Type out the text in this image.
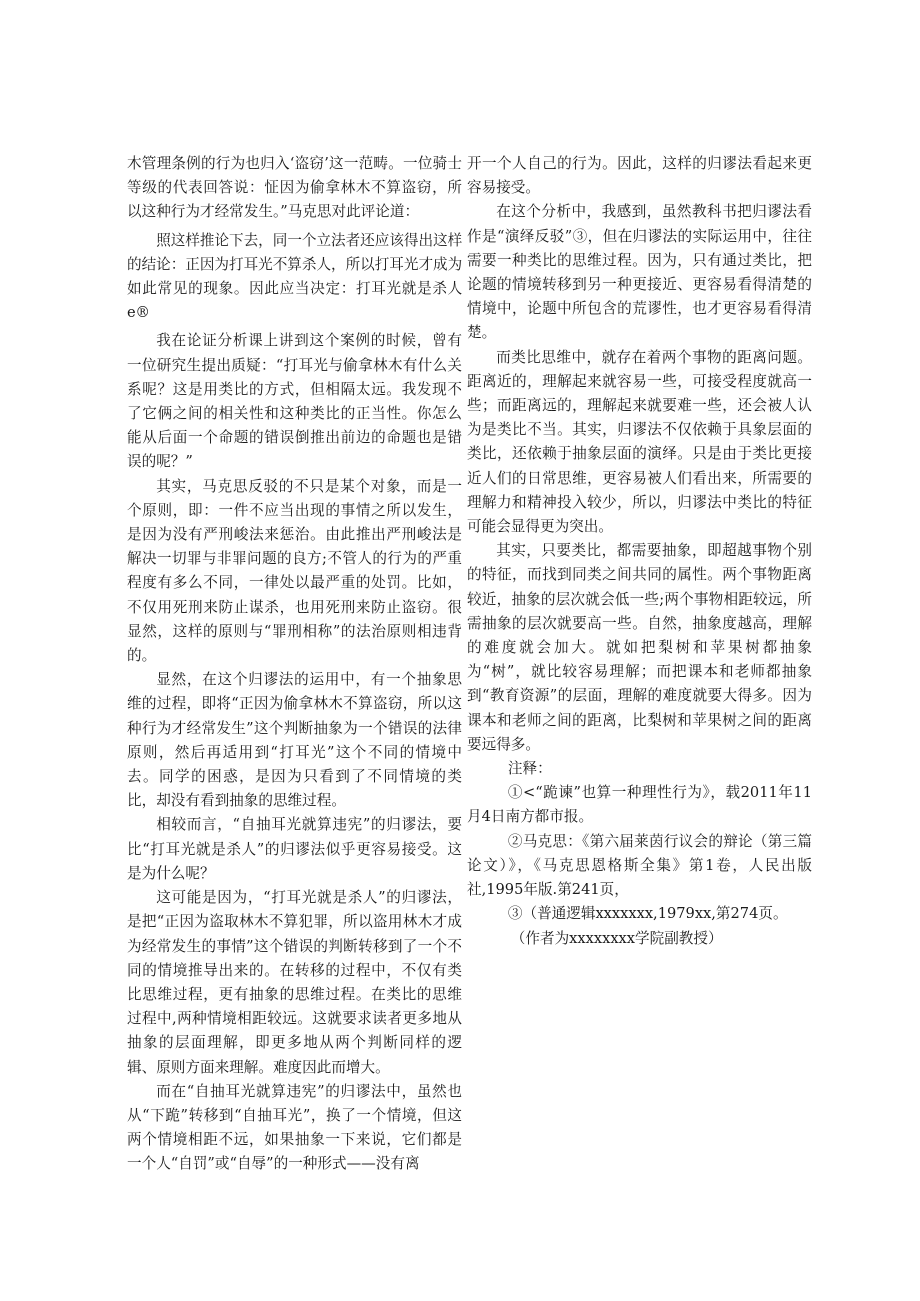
木管理条例的行为也归入‘盗窃’这一范畴。一位骑士等级的代表回答说：怔因为偷拿林木不算盗窃，所以这种行为才经常发生。”马克思对此评论道：

照这样推论下去，同一个立法者还应该得出这样的结论：正因为打耳光不算杀人，所以打耳光才成为如此常见的现象。因此应当决定：打耳光就是杀人e®

我在论证分析课上讲到这个案例的时候，曾有一位研究生提出质疑：“打耳光与偷拿林木有什么关系呢？这是用类比的方式，但相隔太远。我发现不了它俩之间的相关性和这种类比的正当性。你怎么能从后面一个命题的错误倒推出前边的命题也是错误的呢？”

其实，马克思反驳的不只是某个对象，而是一个原则，即：一件不应当出现的事情之所以发生，是因为没有严刑峻法来惩治。由此推出严刑峻法是解决一切罪与非罪问题的良方;不管人的行为的严重程度有多么不同，一律处以最严重的处罚。比如，不仅用死刑来防止谋杀，也用死刑来防止盗窃。很显然，这样的原则与“罪刑相称”的法治原则相违背的。

显然，在这个归谬法的运用中，有一个抽象思维的过程，即将“正因为偷拿林木不算盗窃，所以这种行为才经常发生”这个判断抽象为一个错误的法律原则，然后再适用到“打耳光”这个不同的情境中去。同学的困惑，是因为只看到了不同情境的类比，却没有看到抽象的思维过程。

相较而言，“自抽耳光就算违宪”的归谬法，要比“打耳光就是杀人”的归谬法似乎更容易接受。这是为什么呢？

这可能是因为，“打耳光就是杀人”的归谬法，是把“正因为盗取林木不算犯罪，所以盗用林木才成为经常发生的事情”这个错误的判断转移到了一个不同的情境推导出来的。在转移的过程中，不仅有类比思维过程，更有抽象的思维过程。在类比的思维过程中,两种情境相距较远。这就要求读者更多地从抽象的层面理解，即更多地从两个判断同样的逻辑、原则方面来理解。难度因此而增大。

而在“自抽耳光就算违宪”的归谬法中，虽然也从“下跪”转移到“自抽耳光”，换了一个情境，但这两个情境相距不远，如果抽象一下来说，它们都是一个人“自罚”或“自辱”的一种形式——没有离

开一个人自己的行为。因此，这样的归谬法看起来更容易接受。

在这个分析中，我感到，虽然教科书把归谬法看作是“演绎反驳”③，但在归谬法的实际运用中，往往需要一种类比的思维过程。因为，只有通过类比，把论题的情境转移到另一种更接近、更容易看得清楚的情境中，论题中所包含的荒谬性，也才更容易看得清楚。

而类比思维中，就存在着两个事物的距离问题。距离近的，理解起来就容易一些，可接受程度就高一些；而距离远的，理解起来就要难一些，还会被人认为是类比不当。其实，归谬法不仅依赖于具象层面的类比，还依赖于抽象层面的演绎。只是由于类比更接近人们的日常思维，更容易被人们看出来，所需要的理解力和精神投入较少，所以，归谬法中类比的特征可能会显得更为突出。

其实，只要类比，都需要抽象，即超越事物个别的特征，而找到同类之间共同的属性。两个事物距离较近，抽象的层次就会低一些;两个事物相距较远，所需抽象的层次就要高一些。自然，抽象度越高，理解的难度就会加大。就如把梨树和苹果树都抽象为“树”，就比较容易理解；而把课本和老师都抽象到“教育资源”的层面，理解的难度就要大得多。因为课本和老师之间的距离，比梨树和苹果树之间的距离要远得多。

注释：

①<“跪谏”也算一种理性行为》，载2011年11月4日南方都市报。

②马克思：《第六届莱茵行议会的辩论（第三篇论文）》，《马克思恩格斯全集》第1卷，人民出版社,1995年版.第241页，

③（普通逻辑xxxxxxx,1979xx,第274页。

（作者为xxxxxxxx学院副教授）
